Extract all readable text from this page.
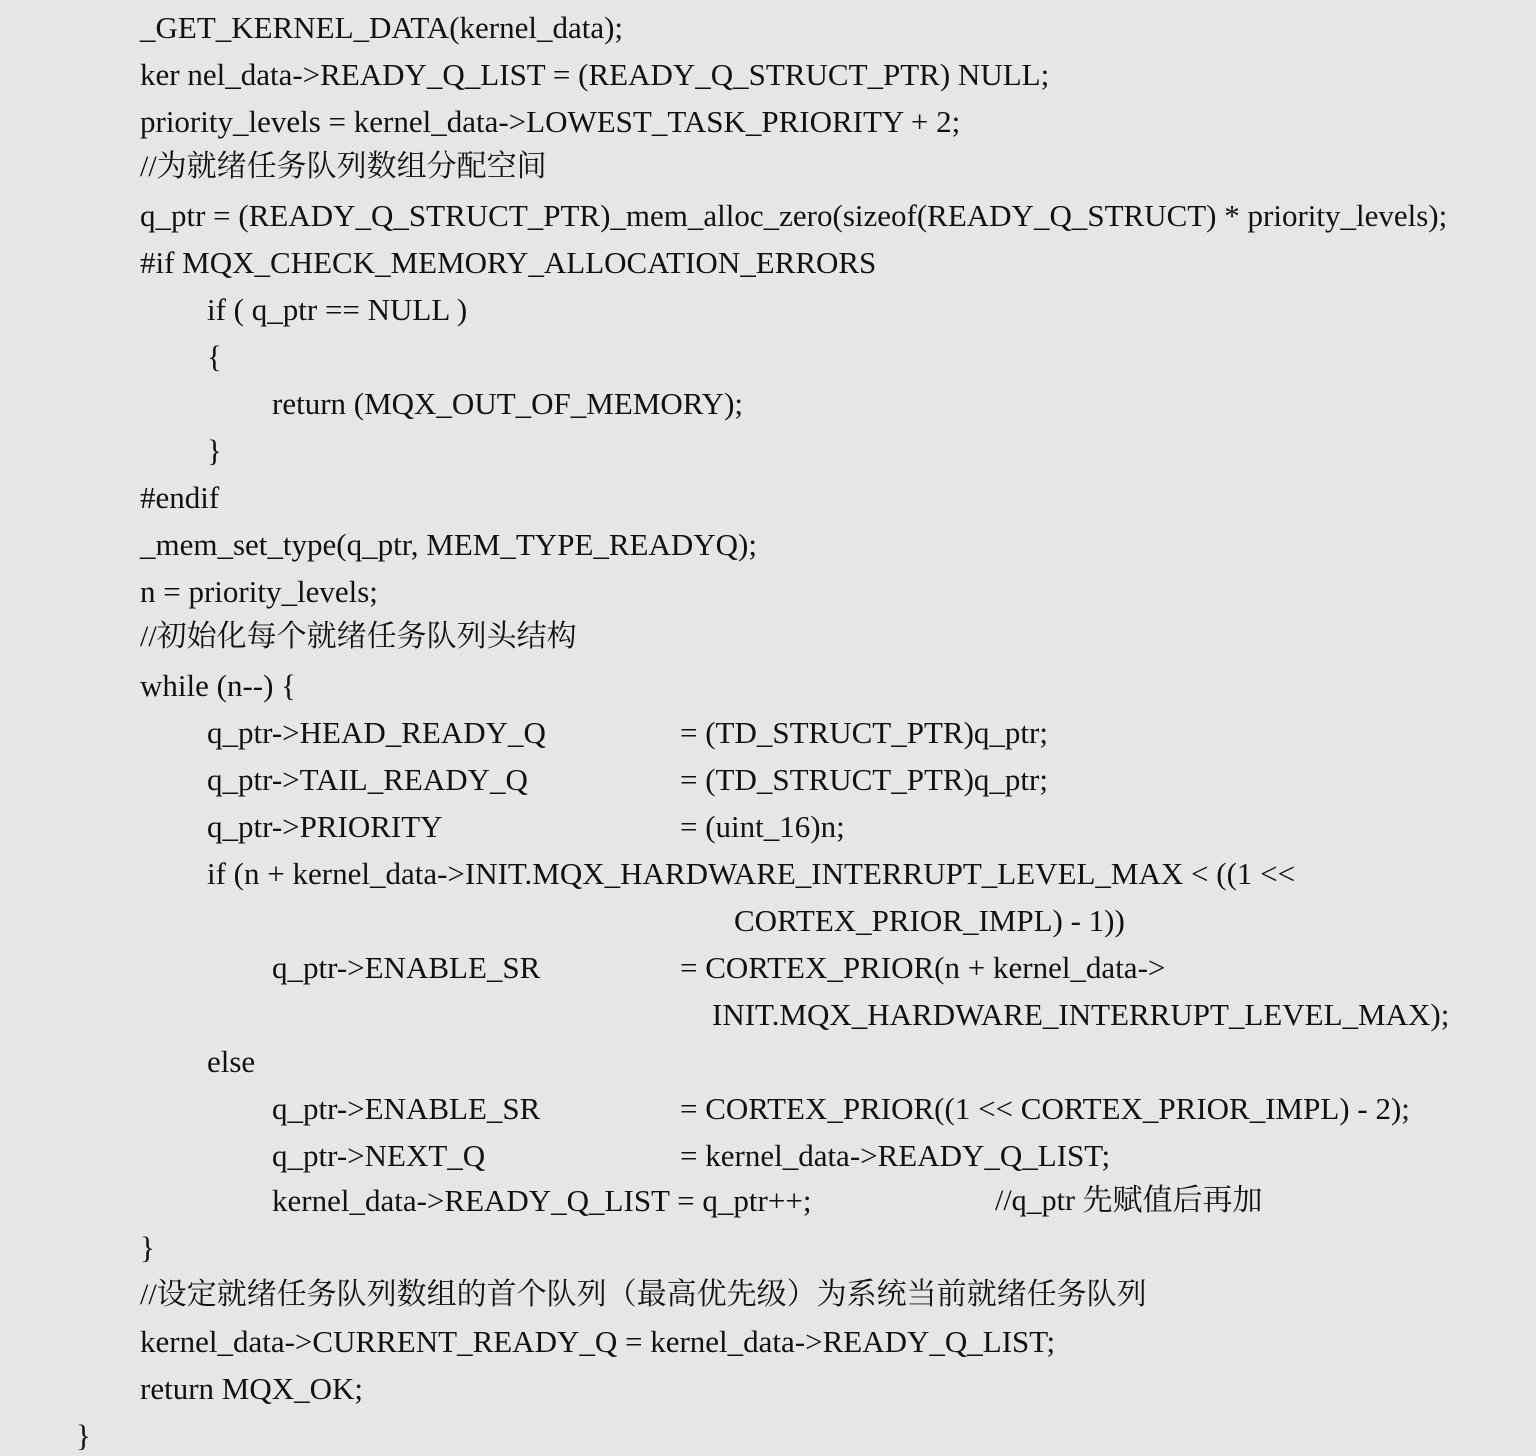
_GET_KERNEL_DATA(kernel_data);
ker nel_data->READY_Q_LIST = (READY_Q_STRUCT_PTR) NULL;
priority_levels = kernel_data->LOWEST_TASK_PRIORITY + 2;
//为就绪任务队列数组分配空间
q_ptr = (READY_Q_STRUCT_PTR)_mem_alloc_zero(sizeof(READY_Q_STRUCT) * priority_levels);
#if MQX_CHECK_MEMORY_ALLOCATION_ERRORS
if ( q_ptr == NULL )
{
return (MQX_OUT_OF_MEMORY);
}
#endif
_mem_set_type(q_ptr, MEM_TYPE_READYQ);
n = priority_levels;
//初始化每个就绪任务队列头结构
while (n--) {
q_ptr->HEAD_READY_Q	= (TD_STRUCT_PTR)q_ptr;
q_ptr->TAIL_READY_Q	= (TD_STRUCT_PTR)q_ptr;
q_ptr->PRIORITY	= (uint_16)n;
if (n + kernel_data->INIT.MQX_HARDWARE_INTERRUPT_LEVEL_MAX < ((1 <<
CORTEX_PRIOR_IMPL) - 1))
q_ptr->ENABLE_SR	= CORTEX_PRIOR(n + kernel_data->
INIT.MQX_HARDWARE_INTERRUPT_LEVEL_MAX);
else
q_ptr->ENABLE_SR	= CORTEX_PRIOR((1 << CORTEX_PRIOR_IMPL) - 2);
q_ptr->NEXT_Q	= kernel_data->READY_Q_LIST;
kernel_data->READY_Q_LIST = q_ptr++;	//q_ptr 先赋值后再加
}
//设定就绪任务队列数组的首个队列（最高优先级）为系统当前就绪任务队列
kernel_data->CURRENT_READY_Q = kernel_data->READY_Q_LIST;
return MQX_OK;
}
